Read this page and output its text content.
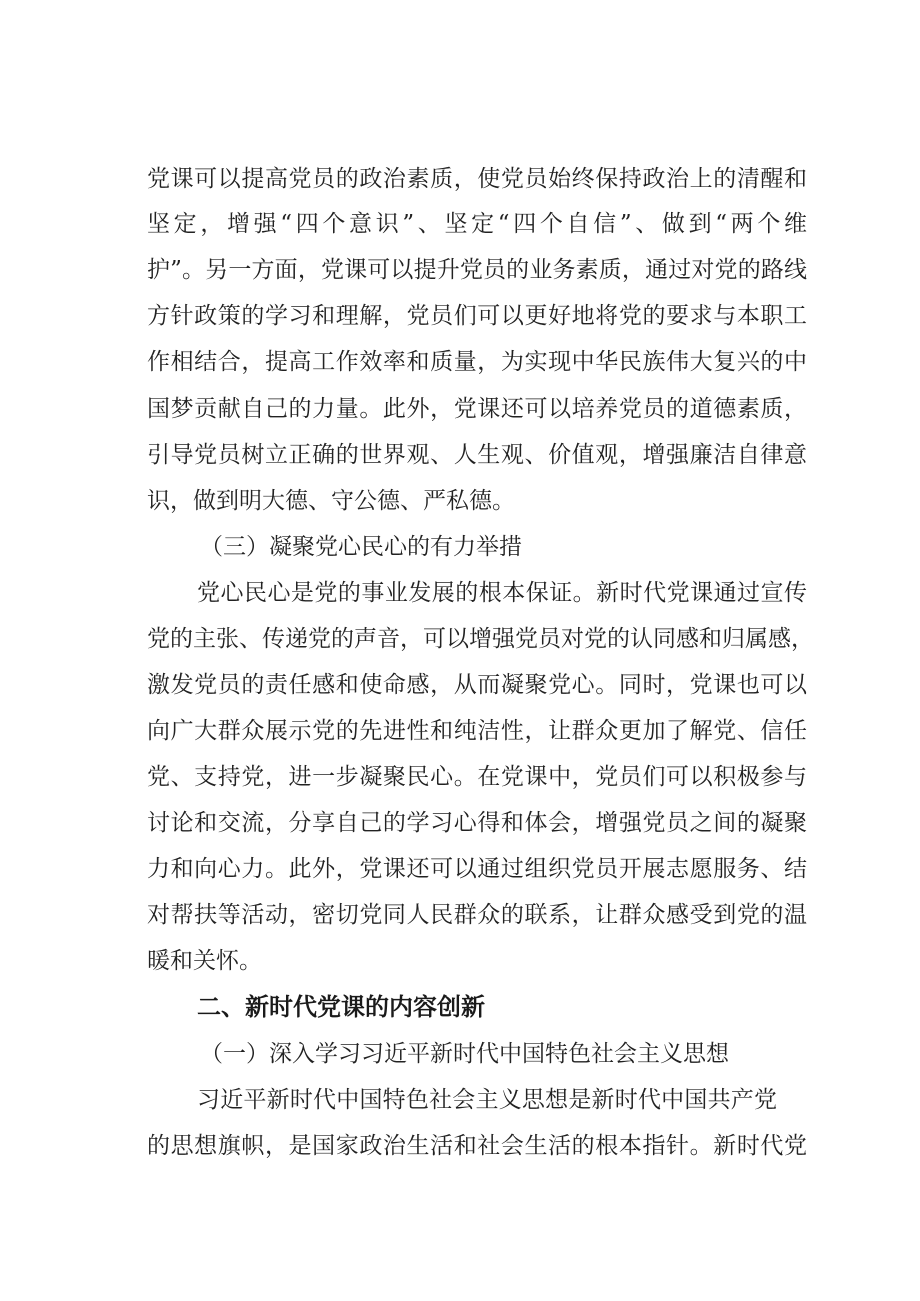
党课可以提高党员的政治素质，使党员始终保持政治上的清醒和
坚定，增强“四个意识”、坚定“四个自信”、做到“两个维
护”。另一方面，党课可以提升党员的业务素质，通过对党的路线
方针政策的学习和理解，党员们可以更好地将党的要求与本职工
作相结合，提高工作效率和质量，为实现中华民族伟大复兴的中
国梦贡献自己的力量。此外，党课还可以培养党员的道德素质，
引导党员树立正确的世界观、人生观、价值观，增强廉洁自律意
识，做到明大德、守公德、严私德。
（三）凝聚党心民心的有力举措
党心民心是党的事业发展的根本保证。新时代党课通过宣传
党的主张、传递党的声音，可以增强党员对党的认同感和归属感，
激发党员的责任感和使命感，从而凝聚党心。同时，党课也可以
向广大群众展示党的先进性和纯洁性，让群众更加了解党、信任
党、支持党，进一步凝聚民心。在党课中，党员们可以积极参与
讨论和交流，分享自己的学习心得和体会，增强党员之间的凝聚
力和向心力。此外，党课还可以通过组织党员开展志愿服务、结
对帮扶等活动，密切党同人民群众的联系，让群众感受到党的温
暖和关怀。
二、新时代党课的内容创新
（一）深入学习习近平新时代中国特色社会主义思想
习近平新时代中国特色社会主义思想是新时代中国共产党
的思想旗帜，是国家政治生活和社会生活的根本指针。新时代党
